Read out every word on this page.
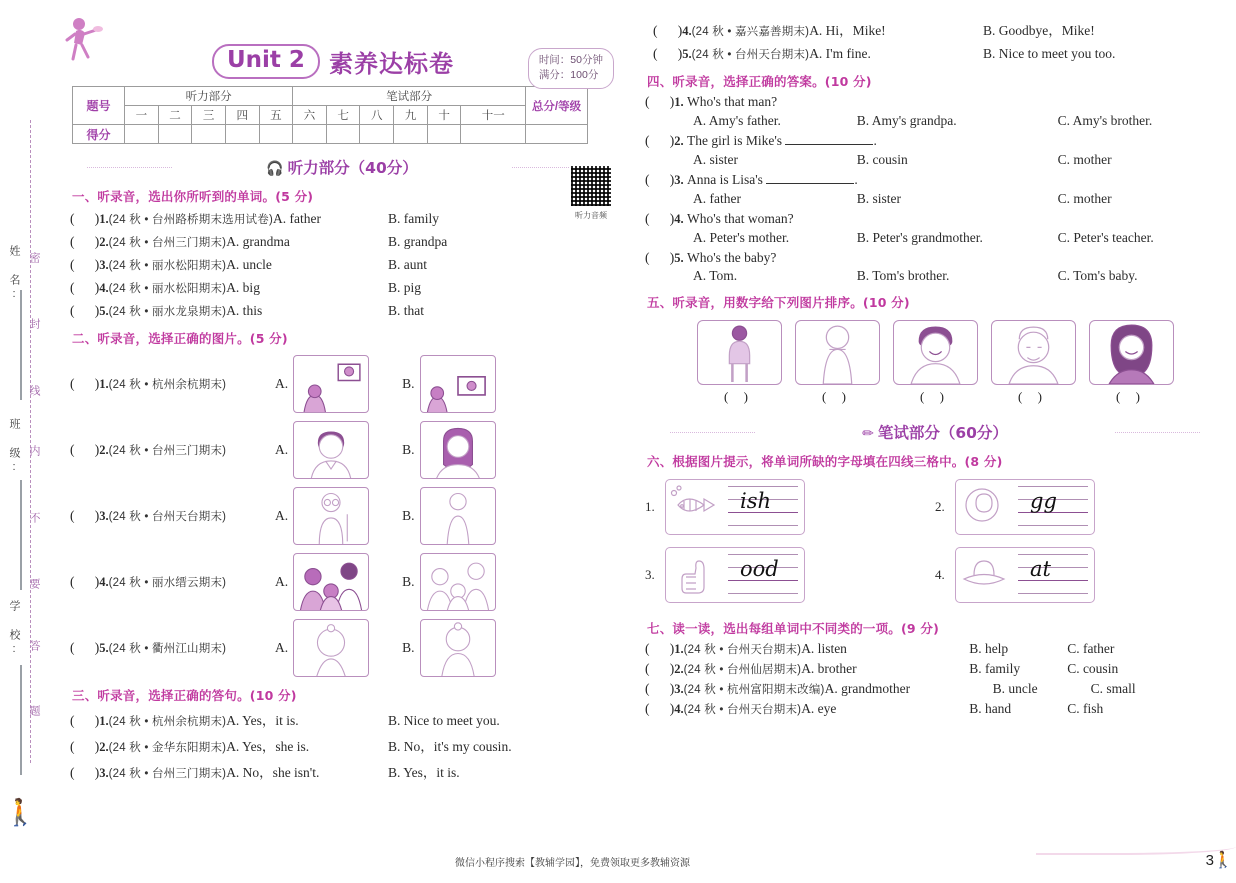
密
封
线
内
不
要
答
题
姓 名:
班 级:
学 校:
🚶
Unit 2	素养达标卷	时间：50分钟
满分：100分
题号	听力部分					笔试部分						总分/等级
	一	二	三	四	五	六	七	八	九	十	十一	
得分												
🎧 听力部分（40分）
听力音频
一、听录音，选出你所听到的单词。(5 分)
(      ) 1. (24 秋 • 台州路桥期末选用试卷) A. father	B. family
(      ) 2. (24 秋 • 台州三门期末) A. grandma	B. grandpa
(      ) 3. (24 秋 • 丽水松阳期末) A. uncle	B. aunt
(      ) 4. (24 秋 • 丽水松阳期末) A. big	B. pig
(      ) 5. (24 秋 • 丽水龙泉期末) A. this	B. that
二、听录音，选择正确的图片。(5 分)
(      ) 1. (24 秋 • 杭州余杭期末)	A.	B.
(      ) 2. (24 秋 • 台州三门期末)	A.	B.
(      ) 3. (24 秋 • 台州天台期末)	A.	B.
(      ) 4. (24 秋 • 丽水缙云期末)	A.	B.
(      ) 5. (24 秋 • 衢州江山期末)	A.	B.
三、听录音，选择正确的答句。(10 分)
(      ) 1. (24 秋 • 杭州余杭期末) A. Yes，it is.	B. Nice to meet you.
(      ) 2. (24 秋 • 金华东阳期末) A. Yes，she is.	B. No，it's my cousin.
(      ) 3. (24 秋 • 台州三门期末) A. No，she isn't.	B. Yes，it is.
(      ) 4. (24 秋 • 嘉兴嘉善期末) A. Hi，Mike!	B. Goodbye，Mike!
(      ) 5. (24 秋 • 台州天台期末) A. I'm fine.	B. Nice to meet you too.
四、听录音，选择正确的答案。(10 分)
(      ) 1.
Who's that man?
A. Amy's father.	B. Amy's grandpa.	C. Amy's brother.
(      ) 2.
The girl is Mike's	.
A. sister	B. cousin	C. mother
(      ) 3.
Anna is Lisa's	.
A. father	B. sister	C. mother
(      ) 4.
Who's that woman?
A. Peter's mother.	B. Peter's grandmother.	C. Peter's teacher.
(      ) 5.
Who's the baby?
A. Tom.	B. Tom's brother.	C. Tom's baby.
五、听录音，用数字给下列图片排序。(10 分)
( )	( )	( )	( )	( )
✏ 笔试部分（60分）
六、根据图片提示，将单词所缺的字母填在四线三格中。(8 分)
1.	ish	2.	gg
3.	ood	4.	at
七、读一读，选出每组单词中不同类的一项。(9 分)
(      ) 1. (24 秋 • 台州天台期末) A. listen	B. help	C. father
(      ) 2. (24 秋 • 台州仙居期末) A. brother	B. family	C. cousin
(      ) 3. (24 秋 • 杭州富阳期末改编) A. grandmother	B. uncle	C. small
(      ) 4. (24 秋 • 台州天台期末) A. eye	B. hand	C. fish
微信小程序搜索【教辅学园】，免费领取更多教辅资源	3 🚶
